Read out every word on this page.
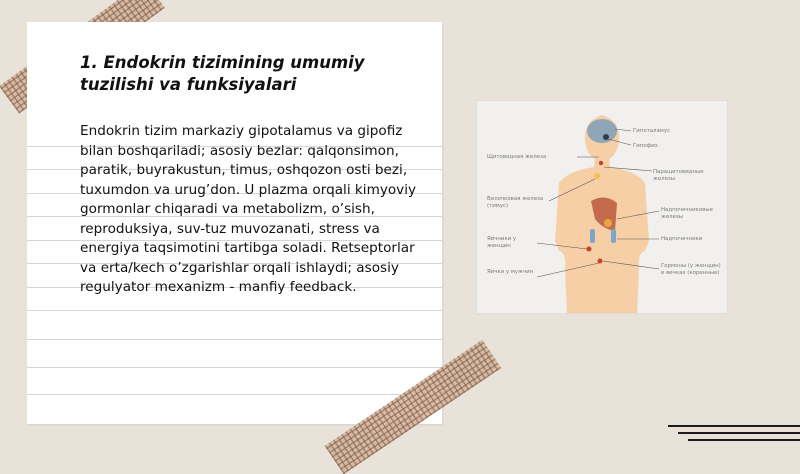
1. Endokrin tizimining umumiy tuzilishi va funksiyalari
Endokrin tizim markaziy gipotalamus va gipofiz bilan boshqariladi; asosiy bezlar: qalqonsimon, paratik, buyrakustun, timus, oshqozon osti bezi, tuxumdon va urug’don. U plazma orqali kimyoviy gormonlar chiqaradi va metabolizm, o’sish, reproduksiya, suv-tuz muvozanati, stress va energiya taqsimotini tartibga soladi. Retseptorlar va erta/kech o’zgarishlar orqali ishlaydi; asosiy regulyator mexanizm - manfiy feedback.
Щитовидная железа
Вилочковая железа (тимус)
Яичники у женщин
Яички у мужчин
Гипоталамус
Гипофиз
Паращитовидные железы
Надпочечниковые железы
Надпочечники
Гормоны (у женщин) в яичках (коренные)
